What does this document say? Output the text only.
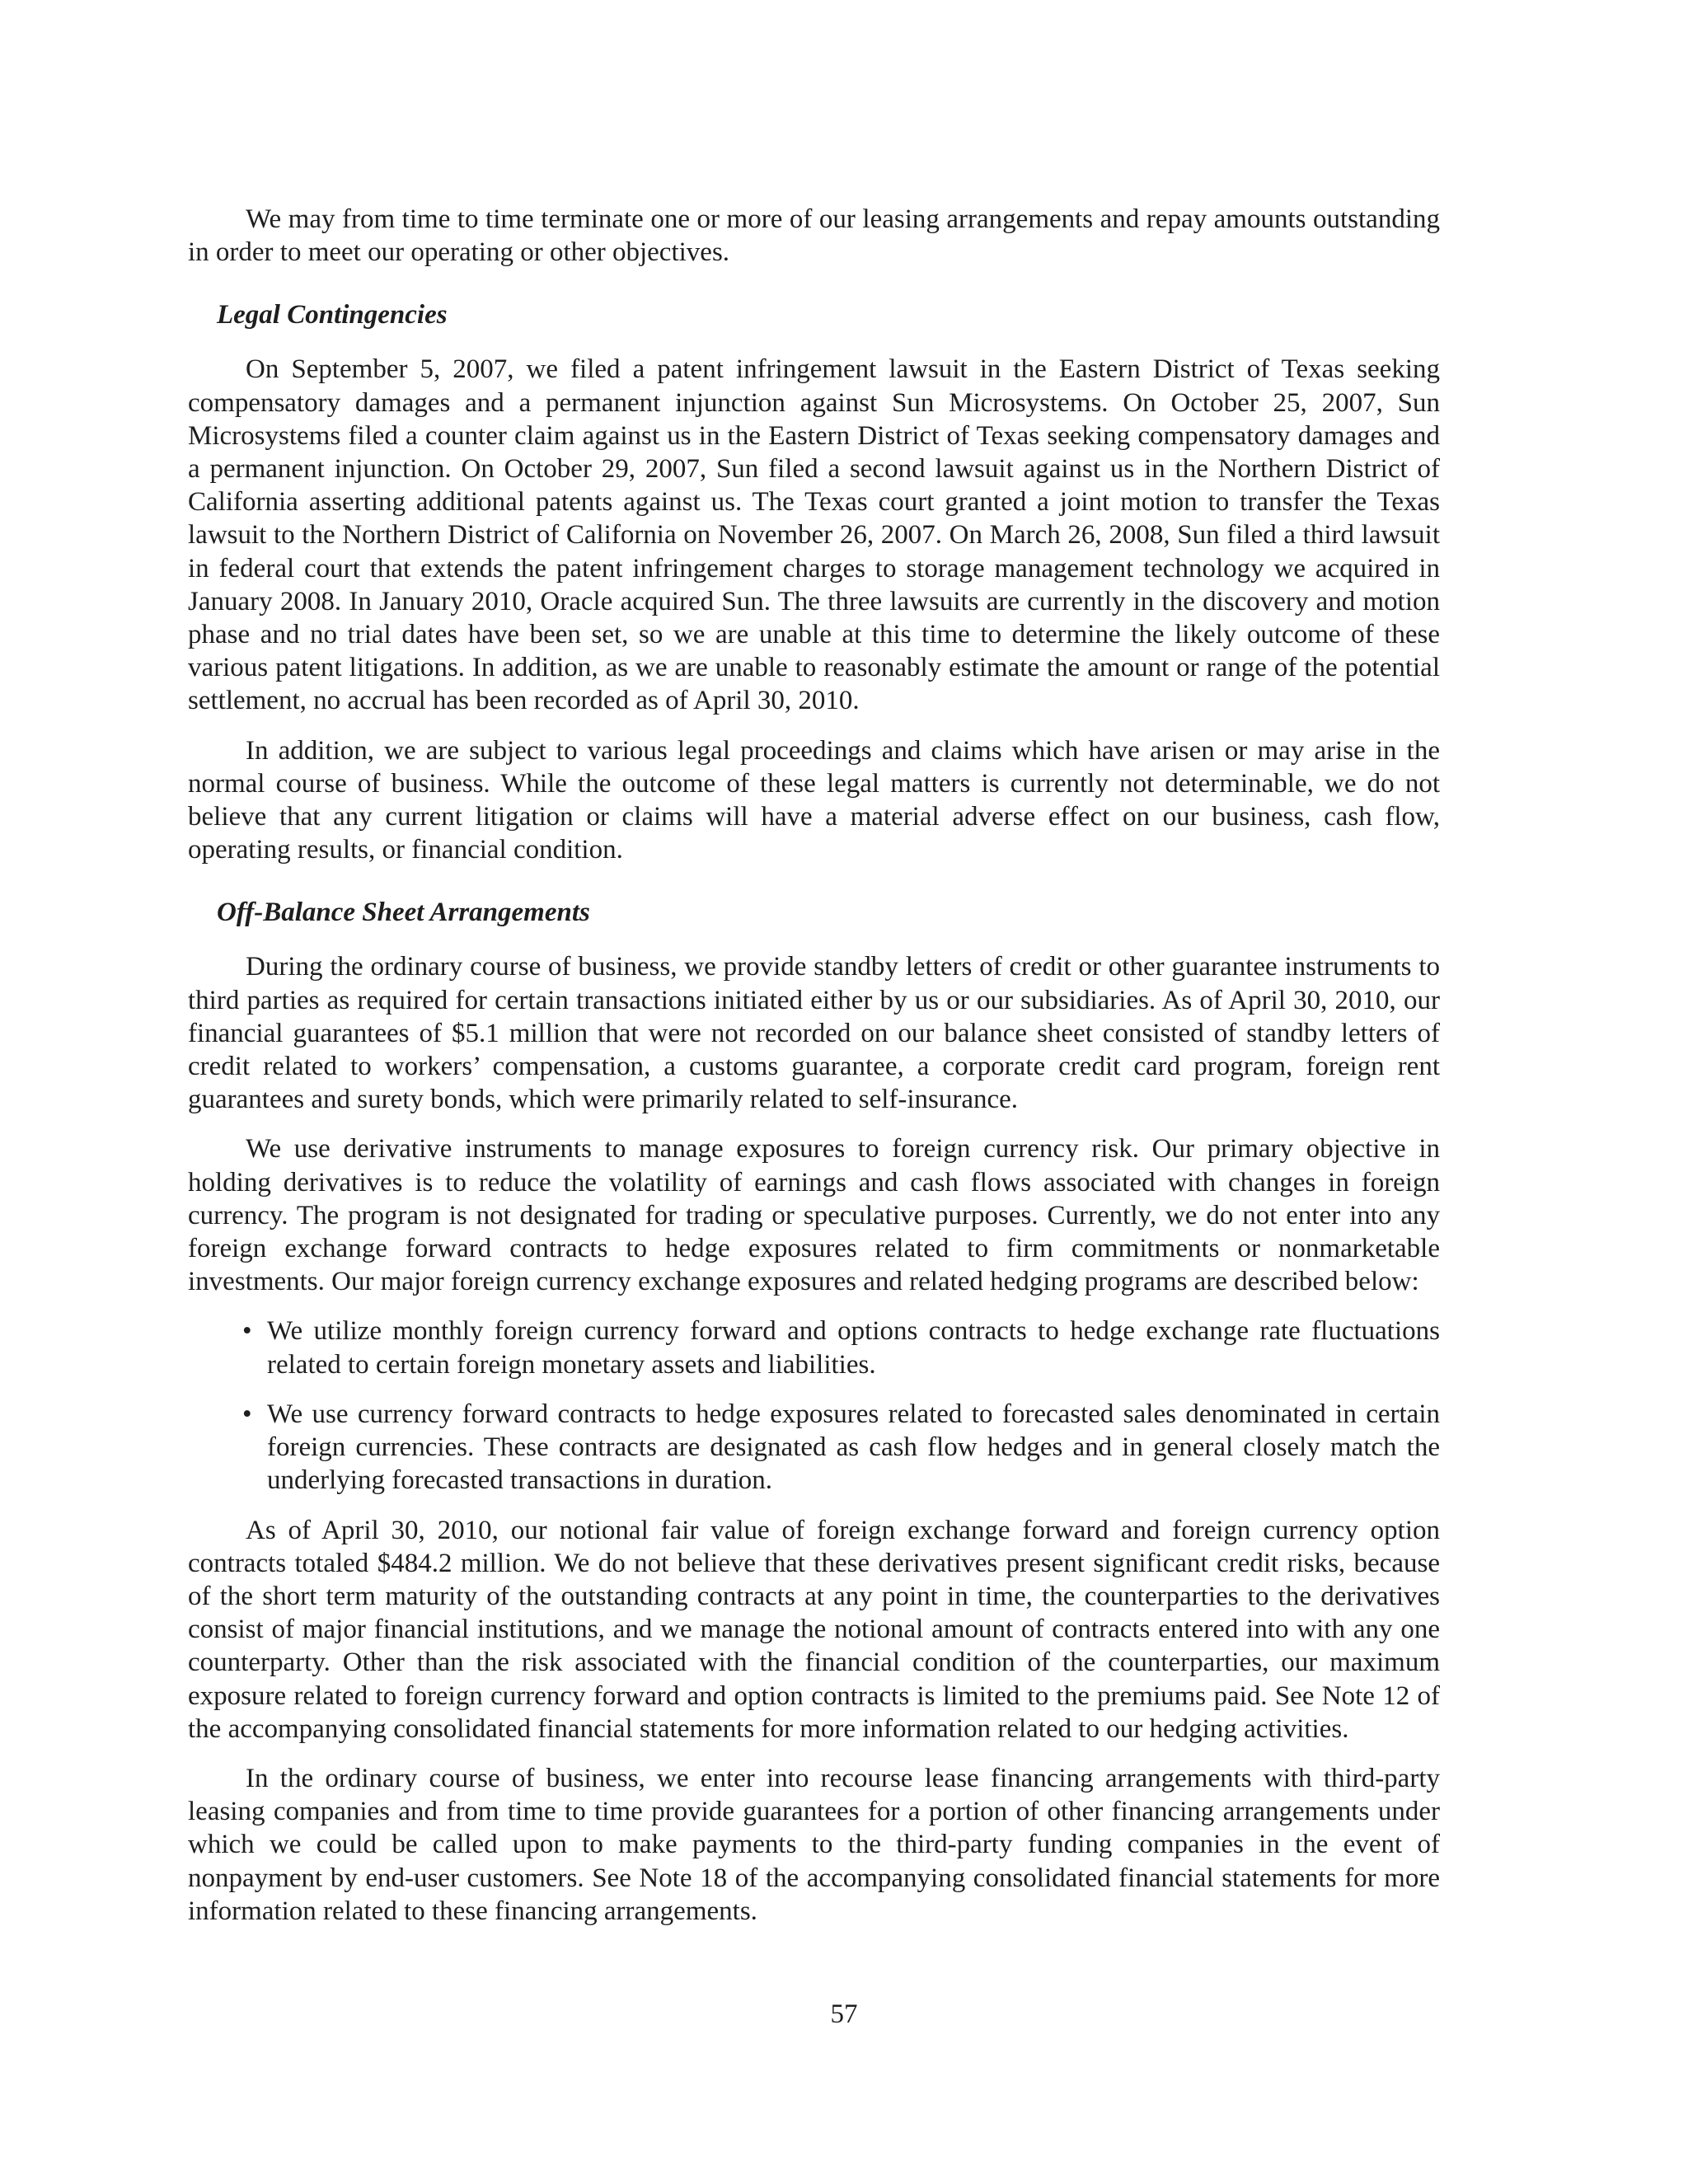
We may from time to time terminate one or more of our leasing arrangements and repay amounts outstanding in order to meet our operating or other objectives.

Legal Contingencies

On September 5, 2007, we filed a patent infringement lawsuit in the Eastern District of Texas seeking compensatory damages and a permanent injunction against Sun Microsystems. On October 25, 2007, Sun Microsystems filed a counter claim against us in the Eastern District of Texas seeking compensatory damages and a permanent injunction. On October 29, 2007, Sun filed a second lawsuit against us in the Northern District of California asserting additional patents against us. The Texas court granted a joint motion to transfer the Texas lawsuit to the Northern District of California on November 26, 2007. On March 26, 2008, Sun filed a third lawsuit in federal court that extends the patent infringement charges to storage management technology we acquired in January 2008. In January 2010, Oracle acquired Sun. The three lawsuits are currently in the discovery and motion phase and no trial dates have been set, so we are unable at this time to determine the likely outcome of these various patent litigations. In addition, as we are unable to reasonably estimate the amount or range of the potential settlement, no accrual has been recorded as of April 30, 2010.

In addition, we are subject to various legal proceedings and claims which have arisen or may arise in the normal course of business. While the outcome of these legal matters is currently not determinable, we do not believe that any current litigation or claims will have a material adverse effect on our business, cash flow, operating results, or financial condition.

Off-Balance Sheet Arrangements

During the ordinary course of business, we provide standby letters of credit or other guarantee instruments to third parties as required for certain transactions initiated either by us or our subsidiaries. As of April 30, 2010, our financial guarantees of $5.1 million that were not recorded on our balance sheet consisted of standby letters of credit related to workers’ compensation, a customs guarantee, a corporate credit card program, foreign rent guarantees and surety bonds, which were primarily related to self-insurance.

We use derivative instruments to manage exposures to foreign currency risk. Our primary objective in holding derivatives is to reduce the volatility of earnings and cash flows associated with changes in foreign currency. The program is not designated for trading or speculative purposes. Currently, we do not enter into any foreign exchange forward contracts to hedge exposures related to firm commitments or nonmarketable investments. Our major foreign currency exchange exposures and related hedging programs are described below:

• We utilize monthly foreign currency forward and options contracts to hedge exchange rate fluctuations related to certain foreign monetary assets and liabilities.
• We use currency forward contracts to hedge exposures related to forecasted sales denominated in certain foreign currencies. These contracts are designated as cash flow hedges and in general closely match the underlying forecasted transactions in duration.

As of April 30, 2010, our notional fair value of foreign exchange forward and foreign currency option contracts totaled $484.2 million. We do not believe that these derivatives present significant credit risks, because of the short term maturity of the outstanding contracts at any point in time, the counterparties to the derivatives consist of major financial institutions, and we manage the notional amount of contracts entered into with any one counterparty. Other than the risk associated with the financial condition of the counterparties, our maximum exposure related to foreign currency forward and option contracts is limited to the premiums paid. See Note 12 of the accompanying consolidated financial statements for more information related to our hedging activities.

In the ordinary course of business, we enter into recourse lease financing arrangements with third-party leasing companies and from time to time provide guarantees for a portion of other financing arrangements under which we could be called upon to make payments to the third-party funding companies in the event of nonpayment by end-user customers. See Note 18 of the accompanying consolidated financial statements for more information related to these financing arrangements.

57
